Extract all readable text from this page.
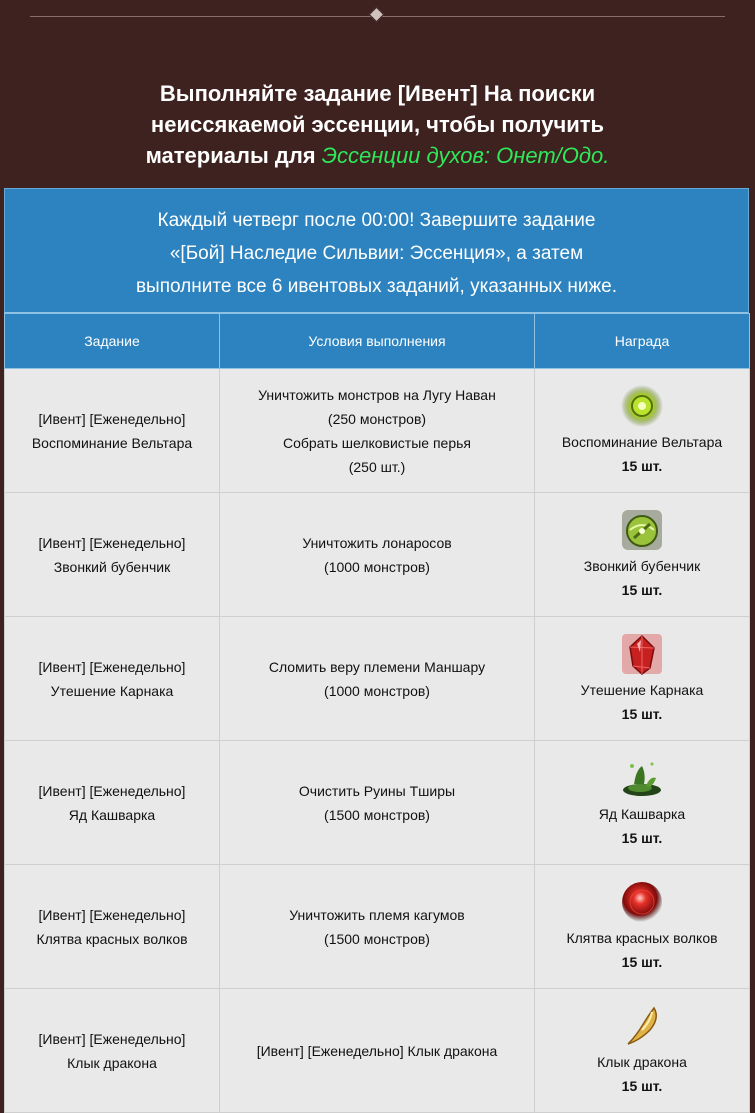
Выполняйте задание [Ивент] На поиски
неиссякаемой эссенции, чтобы получить
материалы для Эссенции духов: Онет/Одо.
Каждый четверг после 00:00! Завершите задание
«[Бой] Наследие Сильвии: Эссенция», а затем
выполните все 6 ивентовых заданий, указанных ниже.
Задание	Условия выполнения	Награда

[Ивент] [Еженедельно]
Воспоминание Вельтара	Уничтожить монстров на Лугу Наван
(250 монстров)
Собрать шелковистые перья
(250 шт.)	Воспоминание Вельтара
15 шт.

[Ивент] [Еженедельно]
Звонкий бубенчик	Уничтожить лонаросов
(1000 монстров)	Звонкий бубенчик
15 шт.

[Ивент] [Еженедельно]
Утешение Карнака	Сломить веру племени Маншару
(1000 монстров)	Утешение Карнака
15 шт.

[Ивент] [Еженедельно]
Яд Кашварка	Очистить Руины Тширы
(1500 монстров)	Яд Кашварка
15 шт.

[Ивент] [Еженедельно]
Клятва красных волков	Уничтожить племя кагумов
(1500 монстров)	Клятва красных волков
15 шт.

[Ивент] [Еженедельно]
Клык дракона	[Ивент] [Еженедельно] Клык дракона	Клык дракона
15 шт.
